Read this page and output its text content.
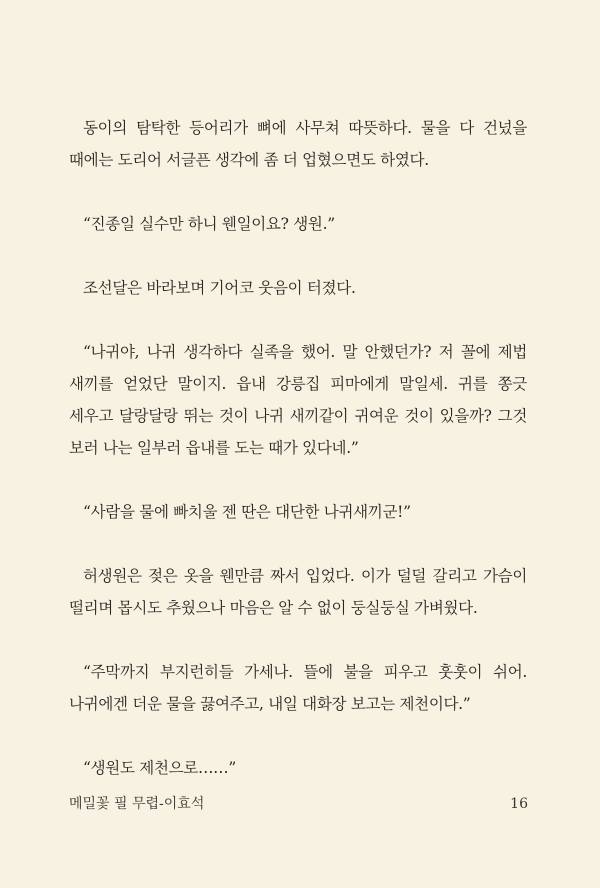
동이의 탐탁한 등어리가 뼈에 사무쳐 따뜻하다. 물을 다 건넜을 때에는 도리어 서글픈 생각에 좀 더 업혔으면도 하였다.

“진종일 실수만 하니 웬일이요? 생원.”

조선달은 바라보며 기어코 웃음이 터졌다.

“나귀야, 나귀 생각하다 실족을 했어. 말 안했던가? 저 꼴에 제법 새끼를 얻었단 말이지. 읍내 강릉집 피마에게 말일세. 귀를 쫑긋 세우고 달랑달랑 뛰는 것이 나귀 새끼같이 귀여운 것이 있을까? 그것 보러 나는 일부러 읍내를 도는 때가 있다네.”

“사람을 물에 빠치울 젠 딴은 대단한 나귀새끼군!”

허생원은 젖은 옷을 웬만큼 짜서 입었다. 이가 덜덜 갈리고 가슴이 떨리며 몹시도 추웠으나 마음은 알 수 없이 둥실둥실 가벼웠다.

“주막까지 부지런히들 가세나. 뜰에 불을 피우고 훗훗이 쉬어. 나귀에겐 더운 물을 끓여주고, 내일 대화장 보고는 제천이다.”

“생원도 제천으로……”

메밀꽃 필 무렵-이효석	16
